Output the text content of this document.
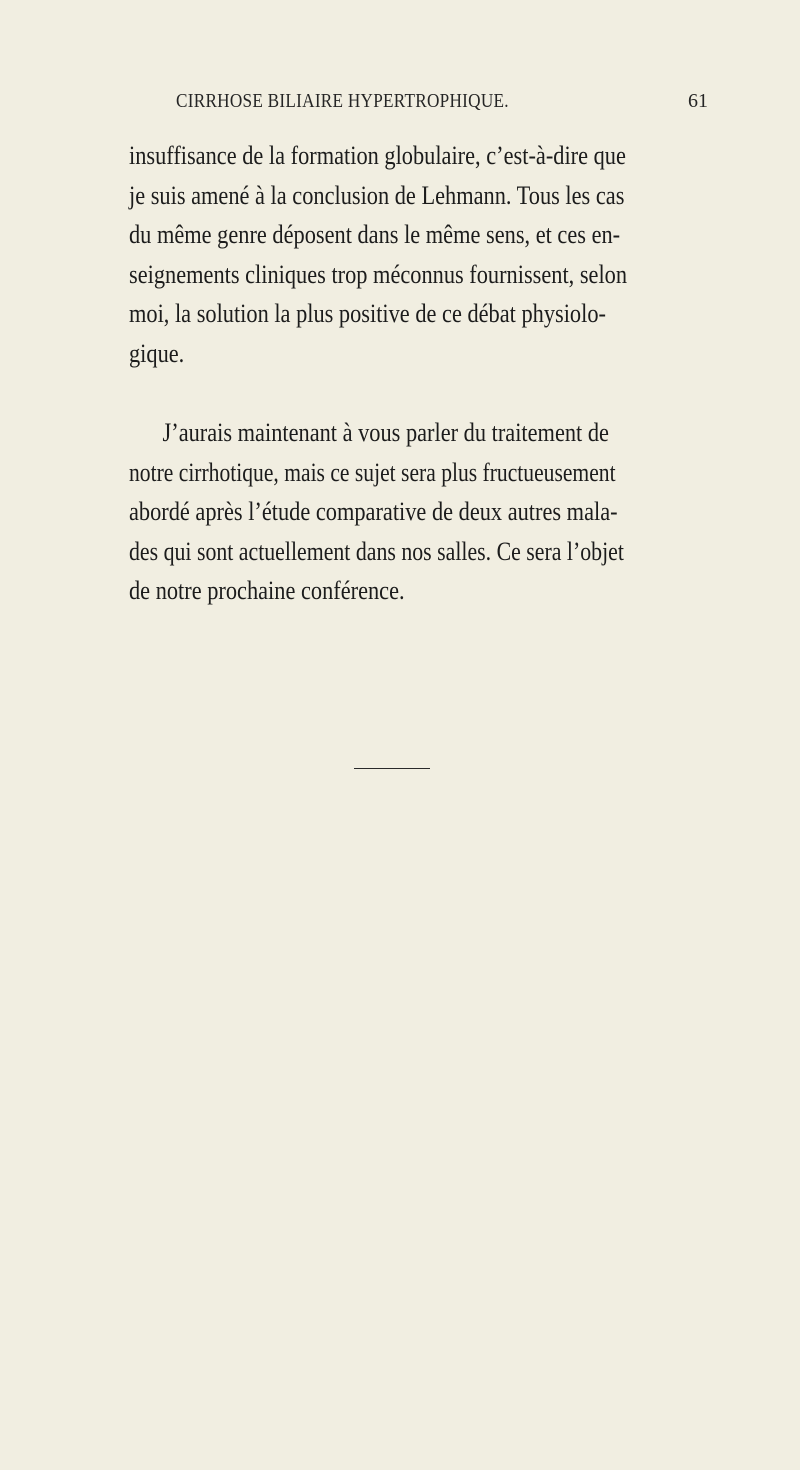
CIRRHOSE BILIAIRE HYPERTROPHIQUE.	61
insuffisance de la formation globulaire, c’est-à-dire que
je suis amené à la conclusion de Lehmann. Tous les cas
du même genre déposent dans le même sens, et ces en-
seignements cliniques trop méconnus fournissent, selon
moi, la solution la plus positive de ce débat physiolo-
gique.
J’aurais maintenant à vous parler du traitement de
notre cirrhotique, mais ce sujet sera plus fructueusement
abordé après l’étude comparative de deux autres mala-
des qui sont actuellement dans nos salles. Ce sera l’objet
de notre prochaine conférence.
